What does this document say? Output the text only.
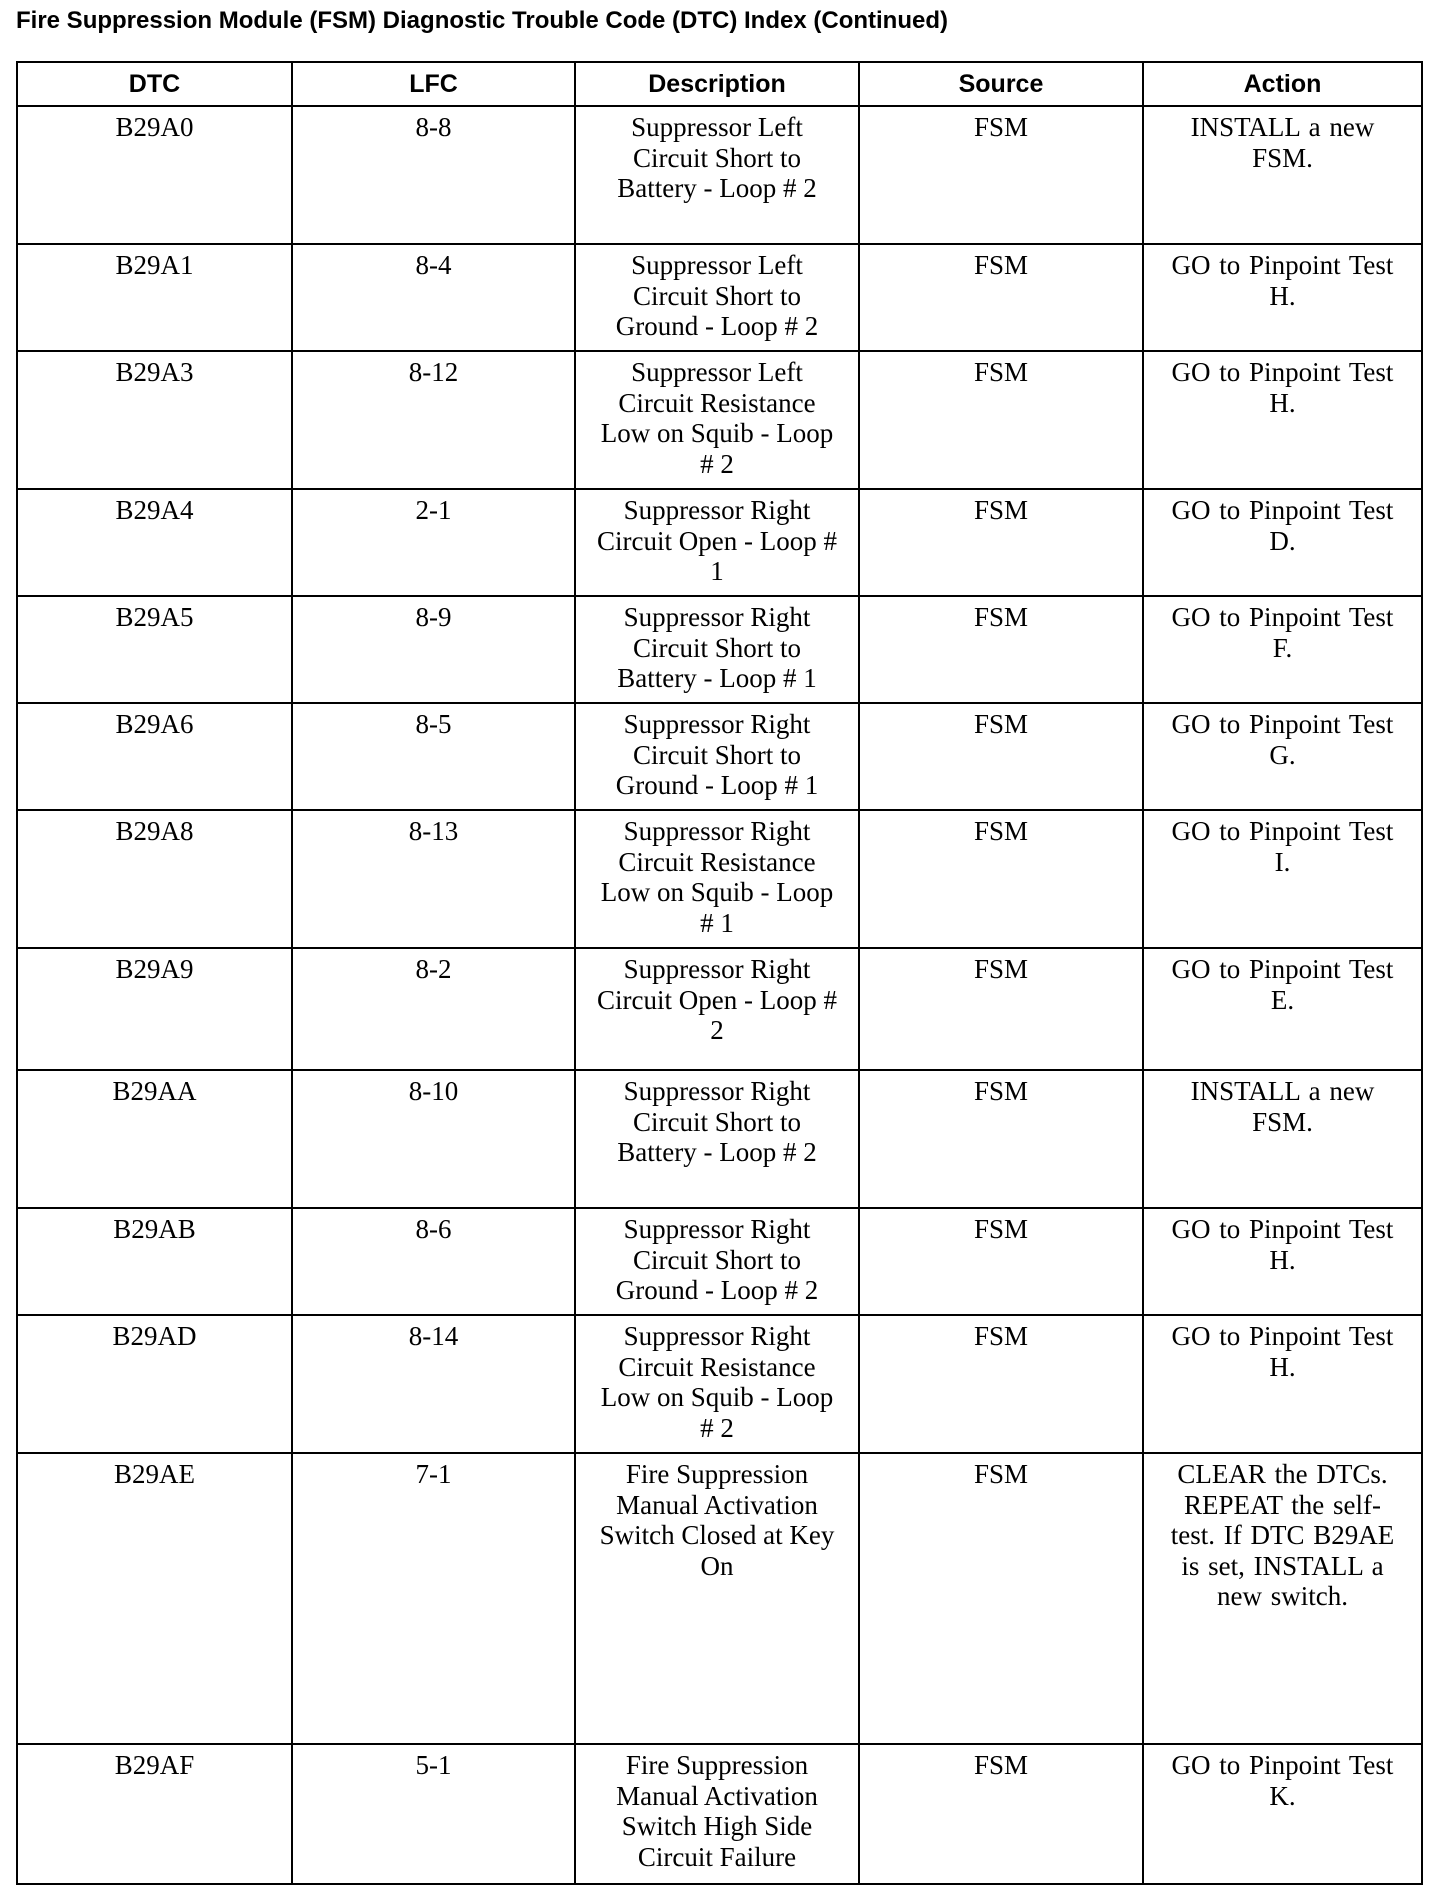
Fire Suppression Module (FSM) Diagnostic Trouble Code (DTC) Index (Continued)
DTC	LFC	Description	Source	Action
B29A0	8-8	Suppressor Left Circuit Short to Battery - Loop # 2	FSM	INSTALL a new FSM.
B29A1	8-4	Suppressor Left Circuit Short to Ground - Loop # 2	FSM	GO to Pinpoint Test H.
B29A3	8-12	Suppressor Left Circuit Resistance Low on Squib - Loop # 2	FSM	GO to Pinpoint Test H.
B29A4	2-1	Suppressor Right Circuit Open - Loop # 1	FSM	GO to Pinpoint Test D.
B29A5	8-9	Suppressor Right Circuit Short to Battery - Loop # 1	FSM	GO to Pinpoint Test F.
B29A6	8-5	Suppressor Right Circuit Short to Ground - Loop # 1	FSM	GO to Pinpoint Test G.
B29A8	8-13	Suppressor Right Circuit Resistance Low on Squib - Loop # 1	FSM	GO to Pinpoint Test I.
B29A9	8-2	Suppressor Right Circuit Open - Loop # 2	FSM	GO to Pinpoint Test E.
B29AA	8-10	Suppressor Right Circuit Short to Battery - Loop # 2	FSM	INSTALL a new FSM.
B29AB	8-6	Suppressor Right Circuit Short to Ground - Loop # 2	FSM	GO to Pinpoint Test H.
B29AD	8-14	Suppressor Right Circuit Resistance Low on Squib - Loop # 2	FSM	GO to Pinpoint Test H.
B29AE	7-1	Fire Suppression Manual Activation Switch Closed at Key On	FSM	CLEAR the DTCs. REPEAT the self-test. If DTC B29AE is set, INSTALL a new switch.
B29AF	5-1	Fire Suppression Manual Activation Switch High Side Circuit Failure	FSM	GO to Pinpoint Test K.
